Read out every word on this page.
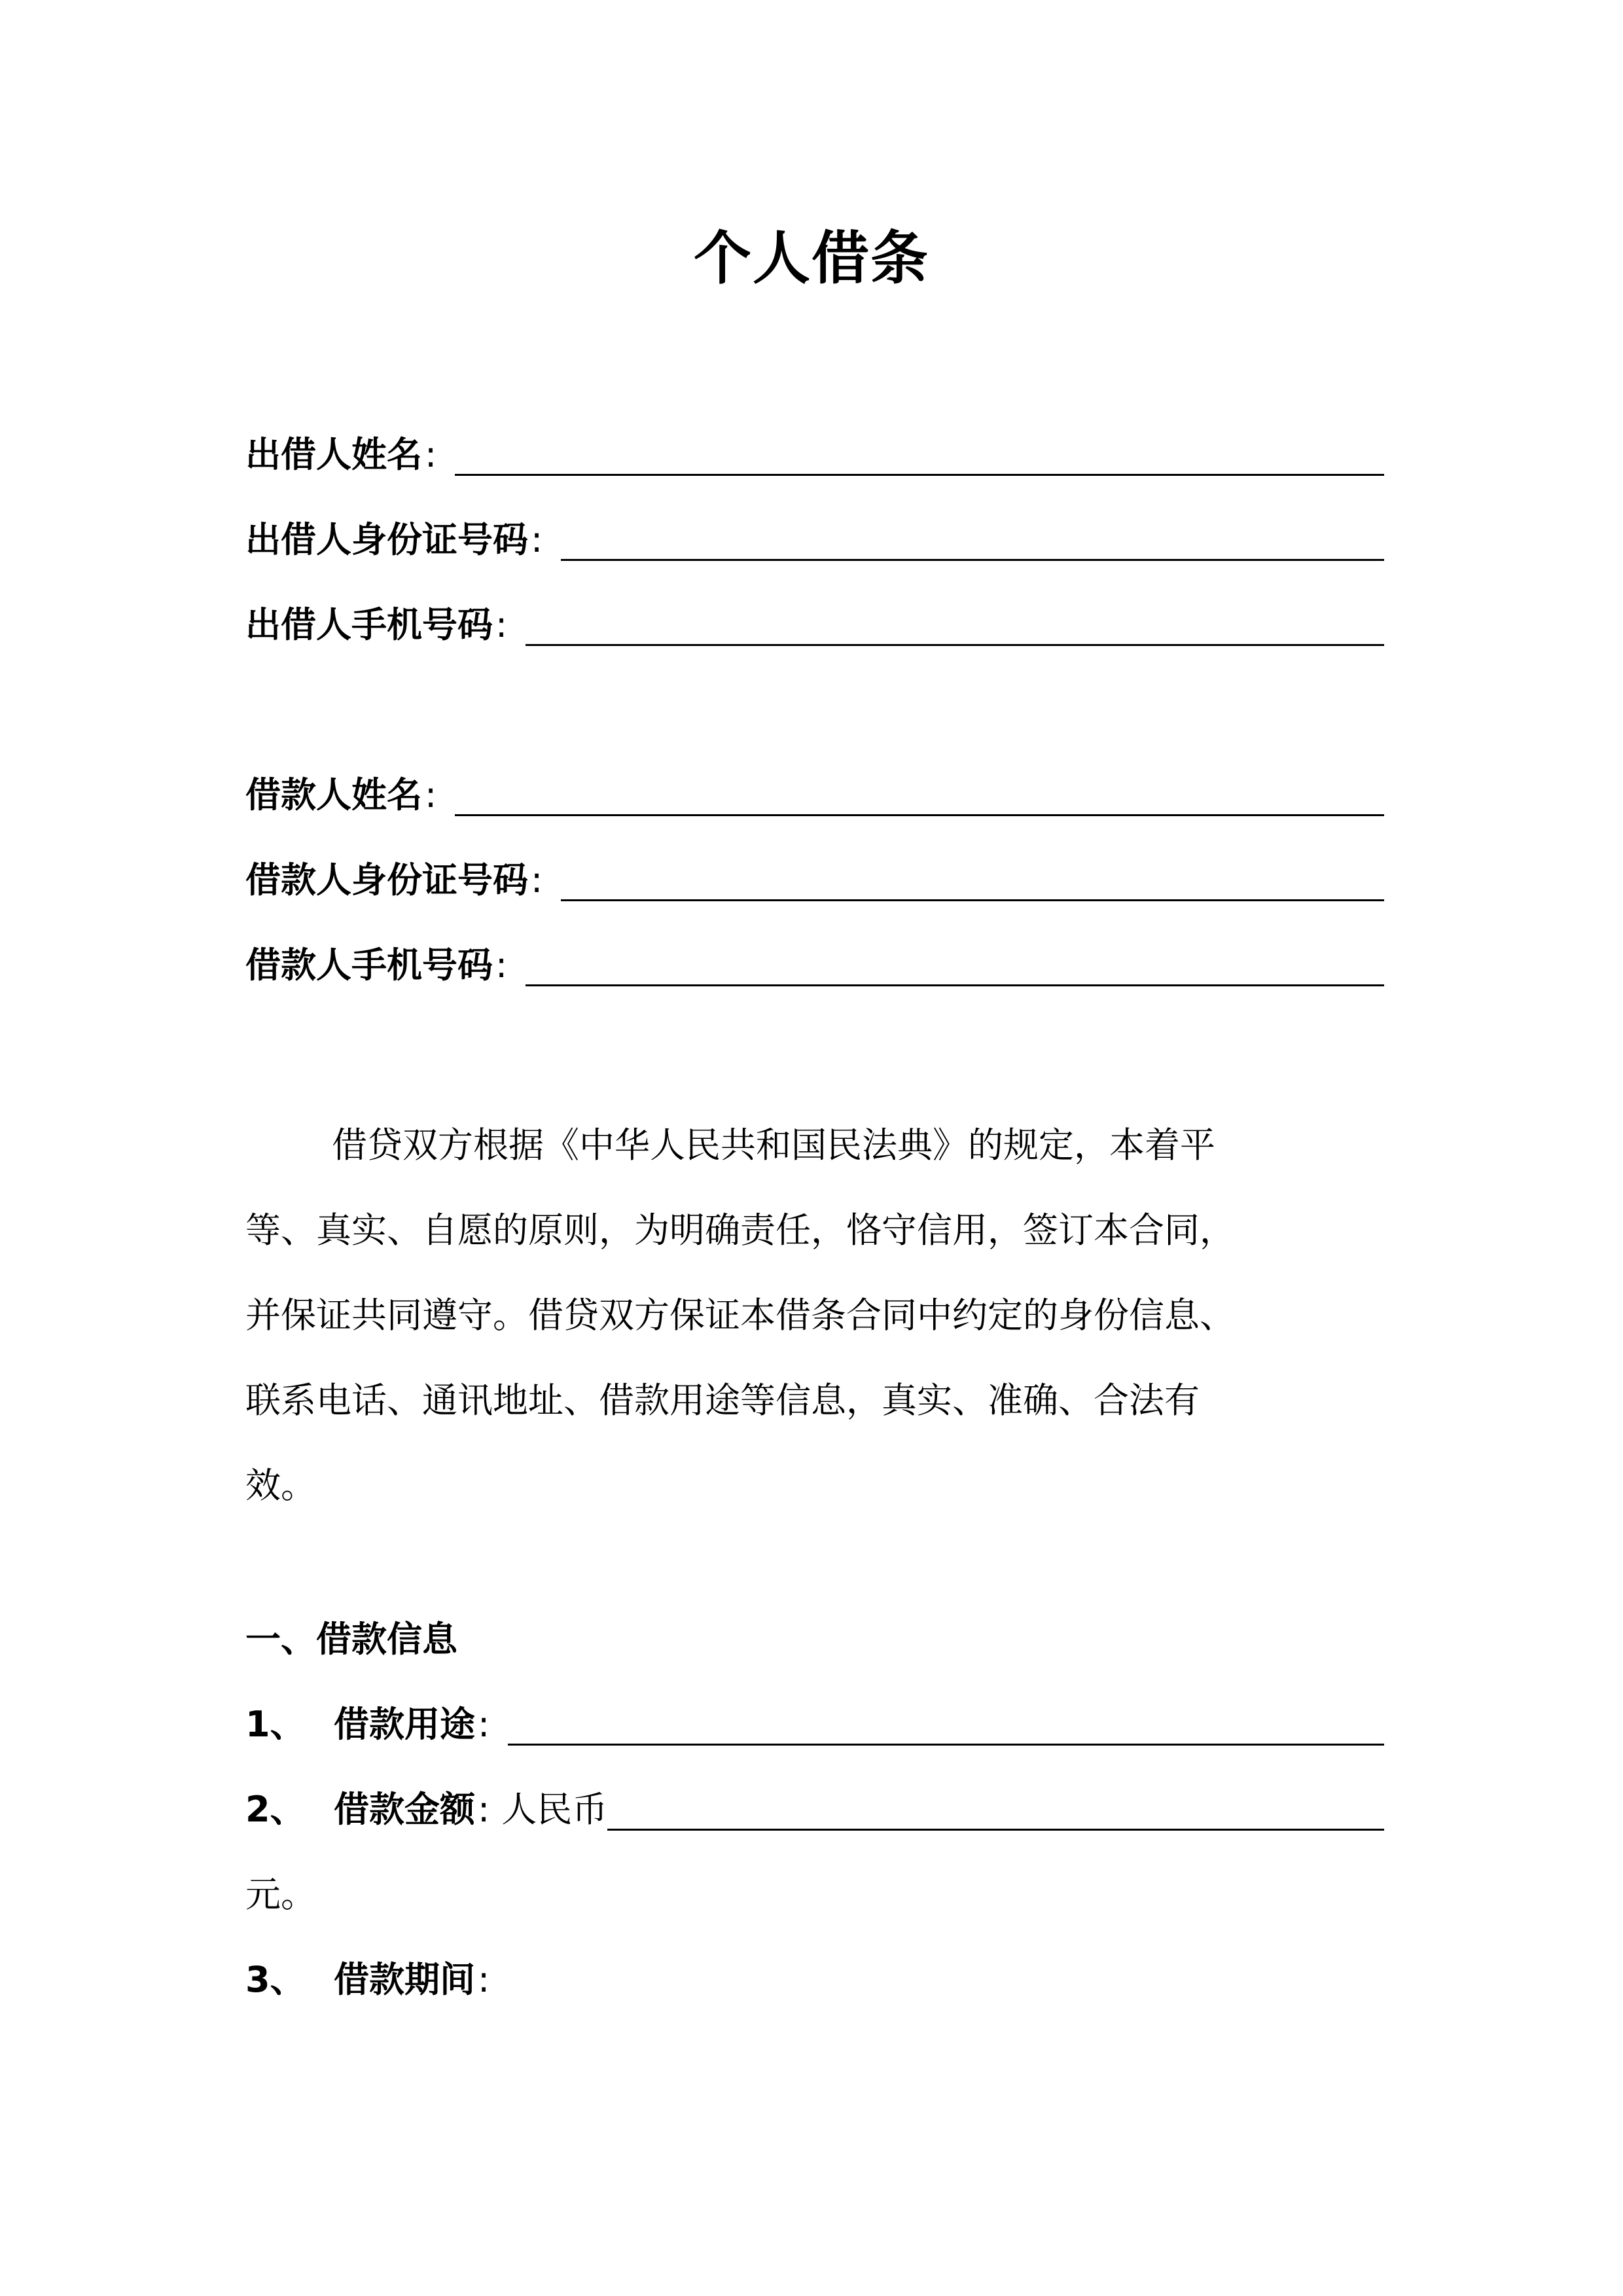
个人借条
出借人姓名 :
出借人身份证号码 :
出借人手机号码 :
借款人姓名 :
借款人身份证号码 :
借款人手机号码 :
借贷双方根据《中华人民共和国民法典》的规定，本着平
等、真实、自愿的原则，为明确责任，恪守信用，签订本合同，
并保证共同遵守。借贷双方保证本借条合同中约定的身份信息、
联系电话、通讯地址、借款用途等信息，真实、准确、合法有
效。
一、借款信息
1、 借款用途 :
2、 借款金额 : 人民币
元。
3、 借款期间 :
